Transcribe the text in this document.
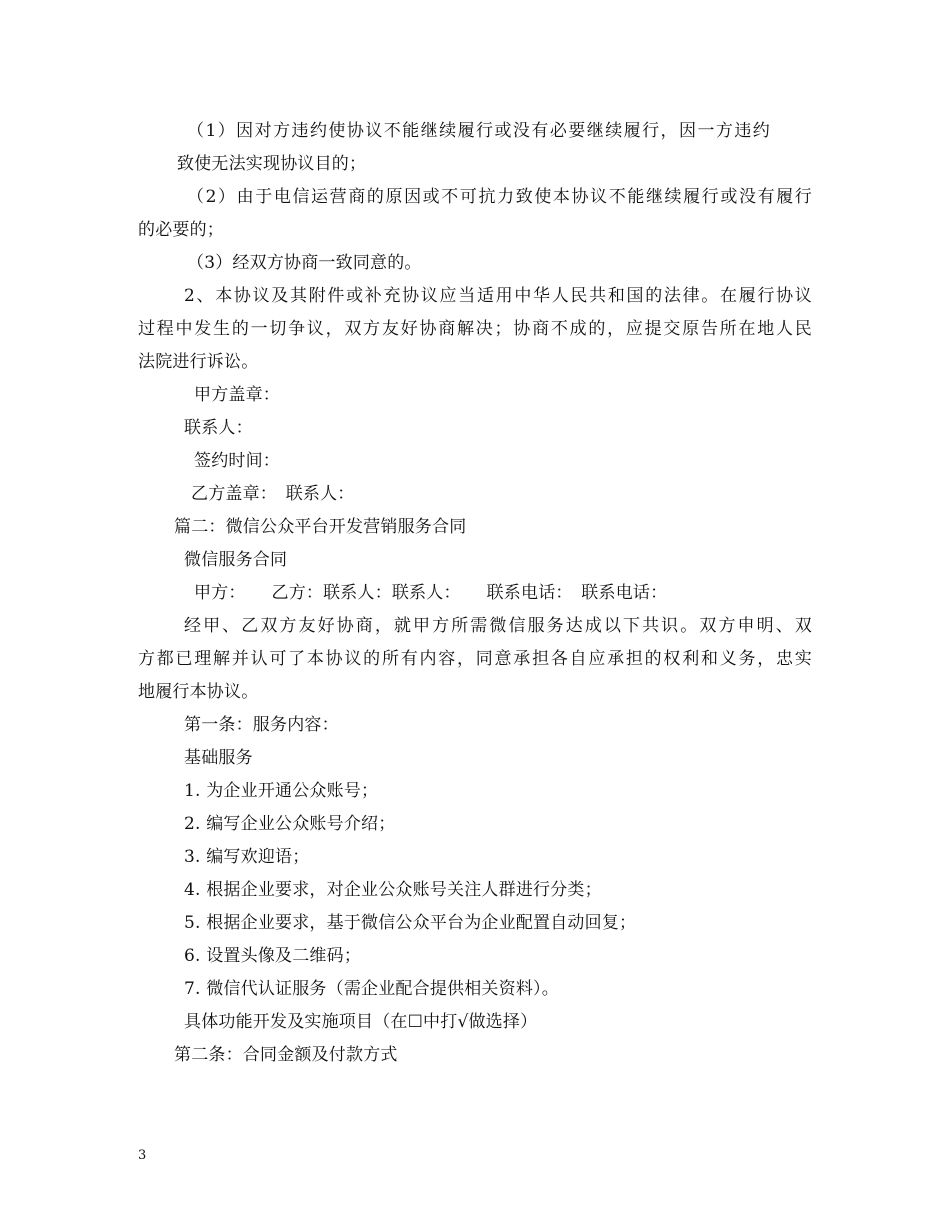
（1）因对方违约使协议不能继续履行或没有必要继续履行，因一方违约
致使无法实现协议目的；
（2）由于电信运营商的原因或不可抗力致使本协议不能继续履行或没有履行
的必要的；
（3）经双方协商一致同意的。
2、本协议及其附件或补充协议应当适用中华人民共和国的法律。在履行协议
过程中发生的一切争议，双方友好协商解决；协商不成的，应提交原告所在地人民
法院进行诉讼。
甲方盖章：
联系人：
签约时间：
乙方盖章：　联系人：
篇二：微信公众平台开发营销服务合同
微信服务合同
甲方：　　乙方：联系人：联系人：　　联系电话：　联系电话：
经甲、乙双方友好协商，就甲方所需微信服务达成以下共识。双方申明、双
方都已理解并认可了本协议的所有内容，同意承担各自应承担的权利和义务，忠实
地履行本协议。
第一条：服务内容：
基础服务
1. 为企业开通公众账号；
2. 编写企业公众账号介绍；
3. 编写欢迎语；
4. 根据企业要求，对企业公众账号关注人群进行分类；
5. 根据企业要求，基于微信公众平台为企业配置自动回复；
6. 设置头像及二维码；
7. 微信代认证服务（需企业配合提供相关资料）。
具体功能开发及实施项目（在☐中打√做选择）
第二条：合同金额及付款方式
3
